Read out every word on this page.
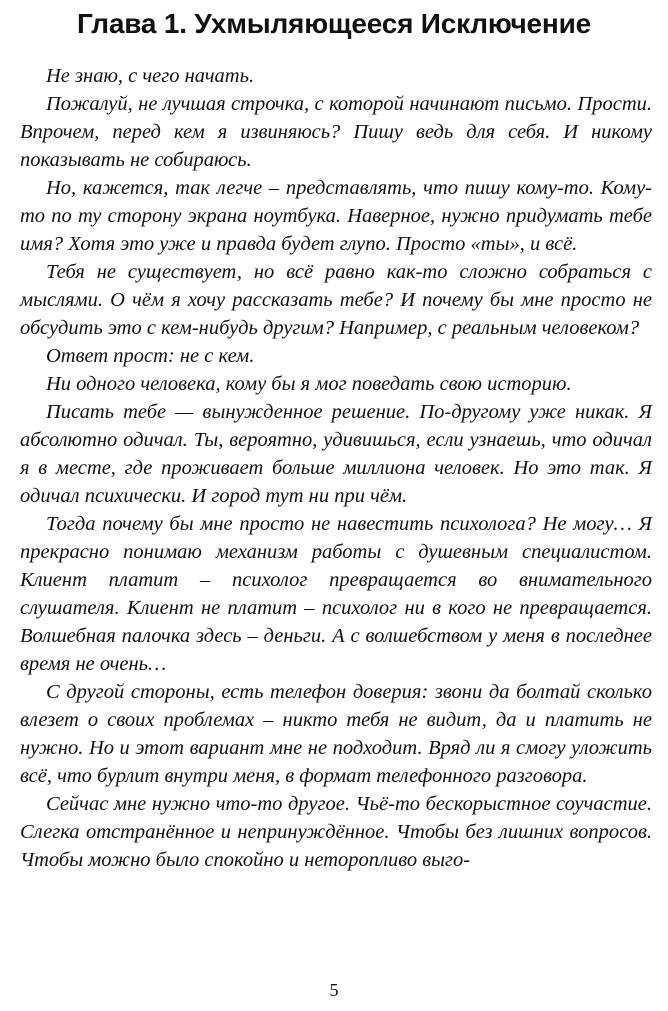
Глава 1. Ухмыляющееся Исключение

Не знаю, с чего начать.

Пожалуй, не лучшая строчка, с которой начинают письмо. Прости. Впрочем, перед кем я извиняюсь? Пишу ведь для себя. И никому показывать не собираюсь.

Но, кажется, так легче – представлять, что пишу кому-то. Кому-то по ту сторону экрана ноутбука. Наверное, нужно придумать тебе имя? Хотя это уже и правда будет глупо. Просто «ты», и всё.

Тебя не существует, но всё равно как-то сложно собраться с мыслями. О чём я хочу рассказать тебе? И почему бы мне просто не обсудить это с кем-нибудь другим? Например, с реальным человеком?

Ответ прост: не с кем.

Ни одного человека, кому бы я мог поведать свою историю.

Писать тебе — вынужденное решение. По-другому уже никак. Я абсолютно одичал. Ты, вероятно, удивишься, если узнаешь, что одичал я в месте, где проживает больше миллиона человек. Но это так. Я одичал психически. И город тут ни при чём.

Тогда почему бы мне просто не навестить психолога? Не могу… Я прекрасно понимаю механизм работы с душевным специалистом. Клиент платит – психолог превращается во внимательного слушателя. Клиент не платит – психолог ни в кого не превращается. Волшебная палочка здесь – деньги. А с волшебством у меня в последнее время не очень…

С другой стороны, есть телефон доверия: звони да болтай сколько влезет о своих проблемах – никто тебя не видит, да и платить не нужно. Но и этот вариант мне не подходит. Вряд ли я смогу уложить всё, что бурлит внутри меня, в формат телефонного разговора.

Сейчас мне нужно что-то другое. Чьё-то бескорыстное соучастие. Слегка отстранённое и непринуждённое. Чтобы без лишних вопросов. Чтобы можно было спокойно и неторопливо выго-

5
